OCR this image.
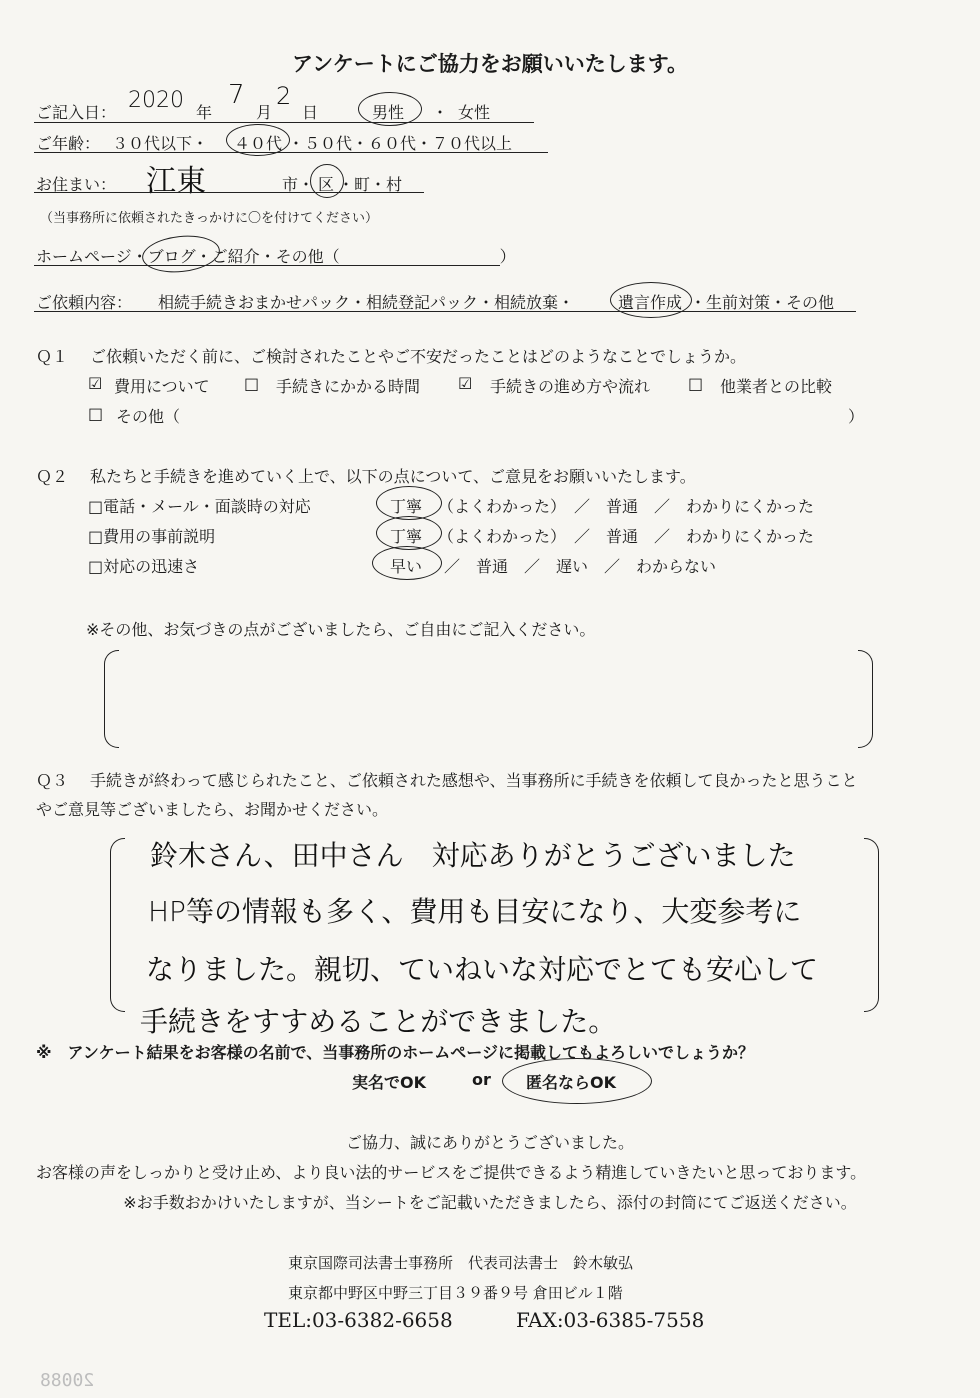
アンケートにご協力をお願いいたします。
ご記入日： 2020 年
7
月
2
日	男性 ・ 女性
ご年齢： ３０代以下・ ４０代 ・５０代・６０代・７０代以上
お住まい： 江東	市・ 区 ・町・村
（当事務所に依頼されたきっかけに〇を付けてください）
ホームページ・ブログ・ご紹介・その他（　　　　　　　　　　）
ご依頼内容： 相続手続きおまかせパック・相続登記パック・相続放棄・	遺言作成 ・生前対策・その他
Ｑ１ ご依頼いただく前に、ご検討されたことやご不安だったことはどのようなことでしょうか。
☑ 費用について □ 手続きにかかる時間 ☑ 手続きの進め方や流れ □ 他業者との比較
□ その他（	）
Ｑ２ 私たちと手続きを進めていく上で、以下の点について、ご意見をお願いいたします。
□電話・メール・面談時の対応	丁寧 （よくわかった）　／　普通　／　わかりにくかった
□費用の事前説明	丁寧 （よくわかった）　／　普通　／　わかりにくかった
□対応の迅速さ	早い ／　普通　／　遅い　／　わからない
※その他、お気づきの点がございましたら、ご自由にご記入ください。
Ｑ３ 手続きが終わって感じられたこと、ご依頼された感想や、当事務所に手続きを依頼して良かったと思うこと
やご意見等ございましたら、お聞かせください。
鈴木さん、田中さん　対応ありがとうございました
HP等の情報も多く、費用も目安になり、大変参考に
なりました。親切、ていねいな対応でとても安心して
手続きをすすめることができました。
※　アンケート結果をお客様の名前で、当事務所のホームページに掲載してもよろしいでしょうか？
実名でOK	or 匿名ならOK
ご協力、誠にありがとうございました。
お客様の声をしっかりと受け止め、より良い法的サービスをご提供できるよう精進していきたいと思っております。
※お手数おかけいたしますが、当シートをご記載いただきましたら、添付の封筒にてご返送ください。
東京国際司法書士事務所　代表司法書士　鈴木敏弘
東京都中野区中野三丁目３９番９号 倉田ビル１階
TEL:03-6382-6658	FAX:03-6385-7558
20088
